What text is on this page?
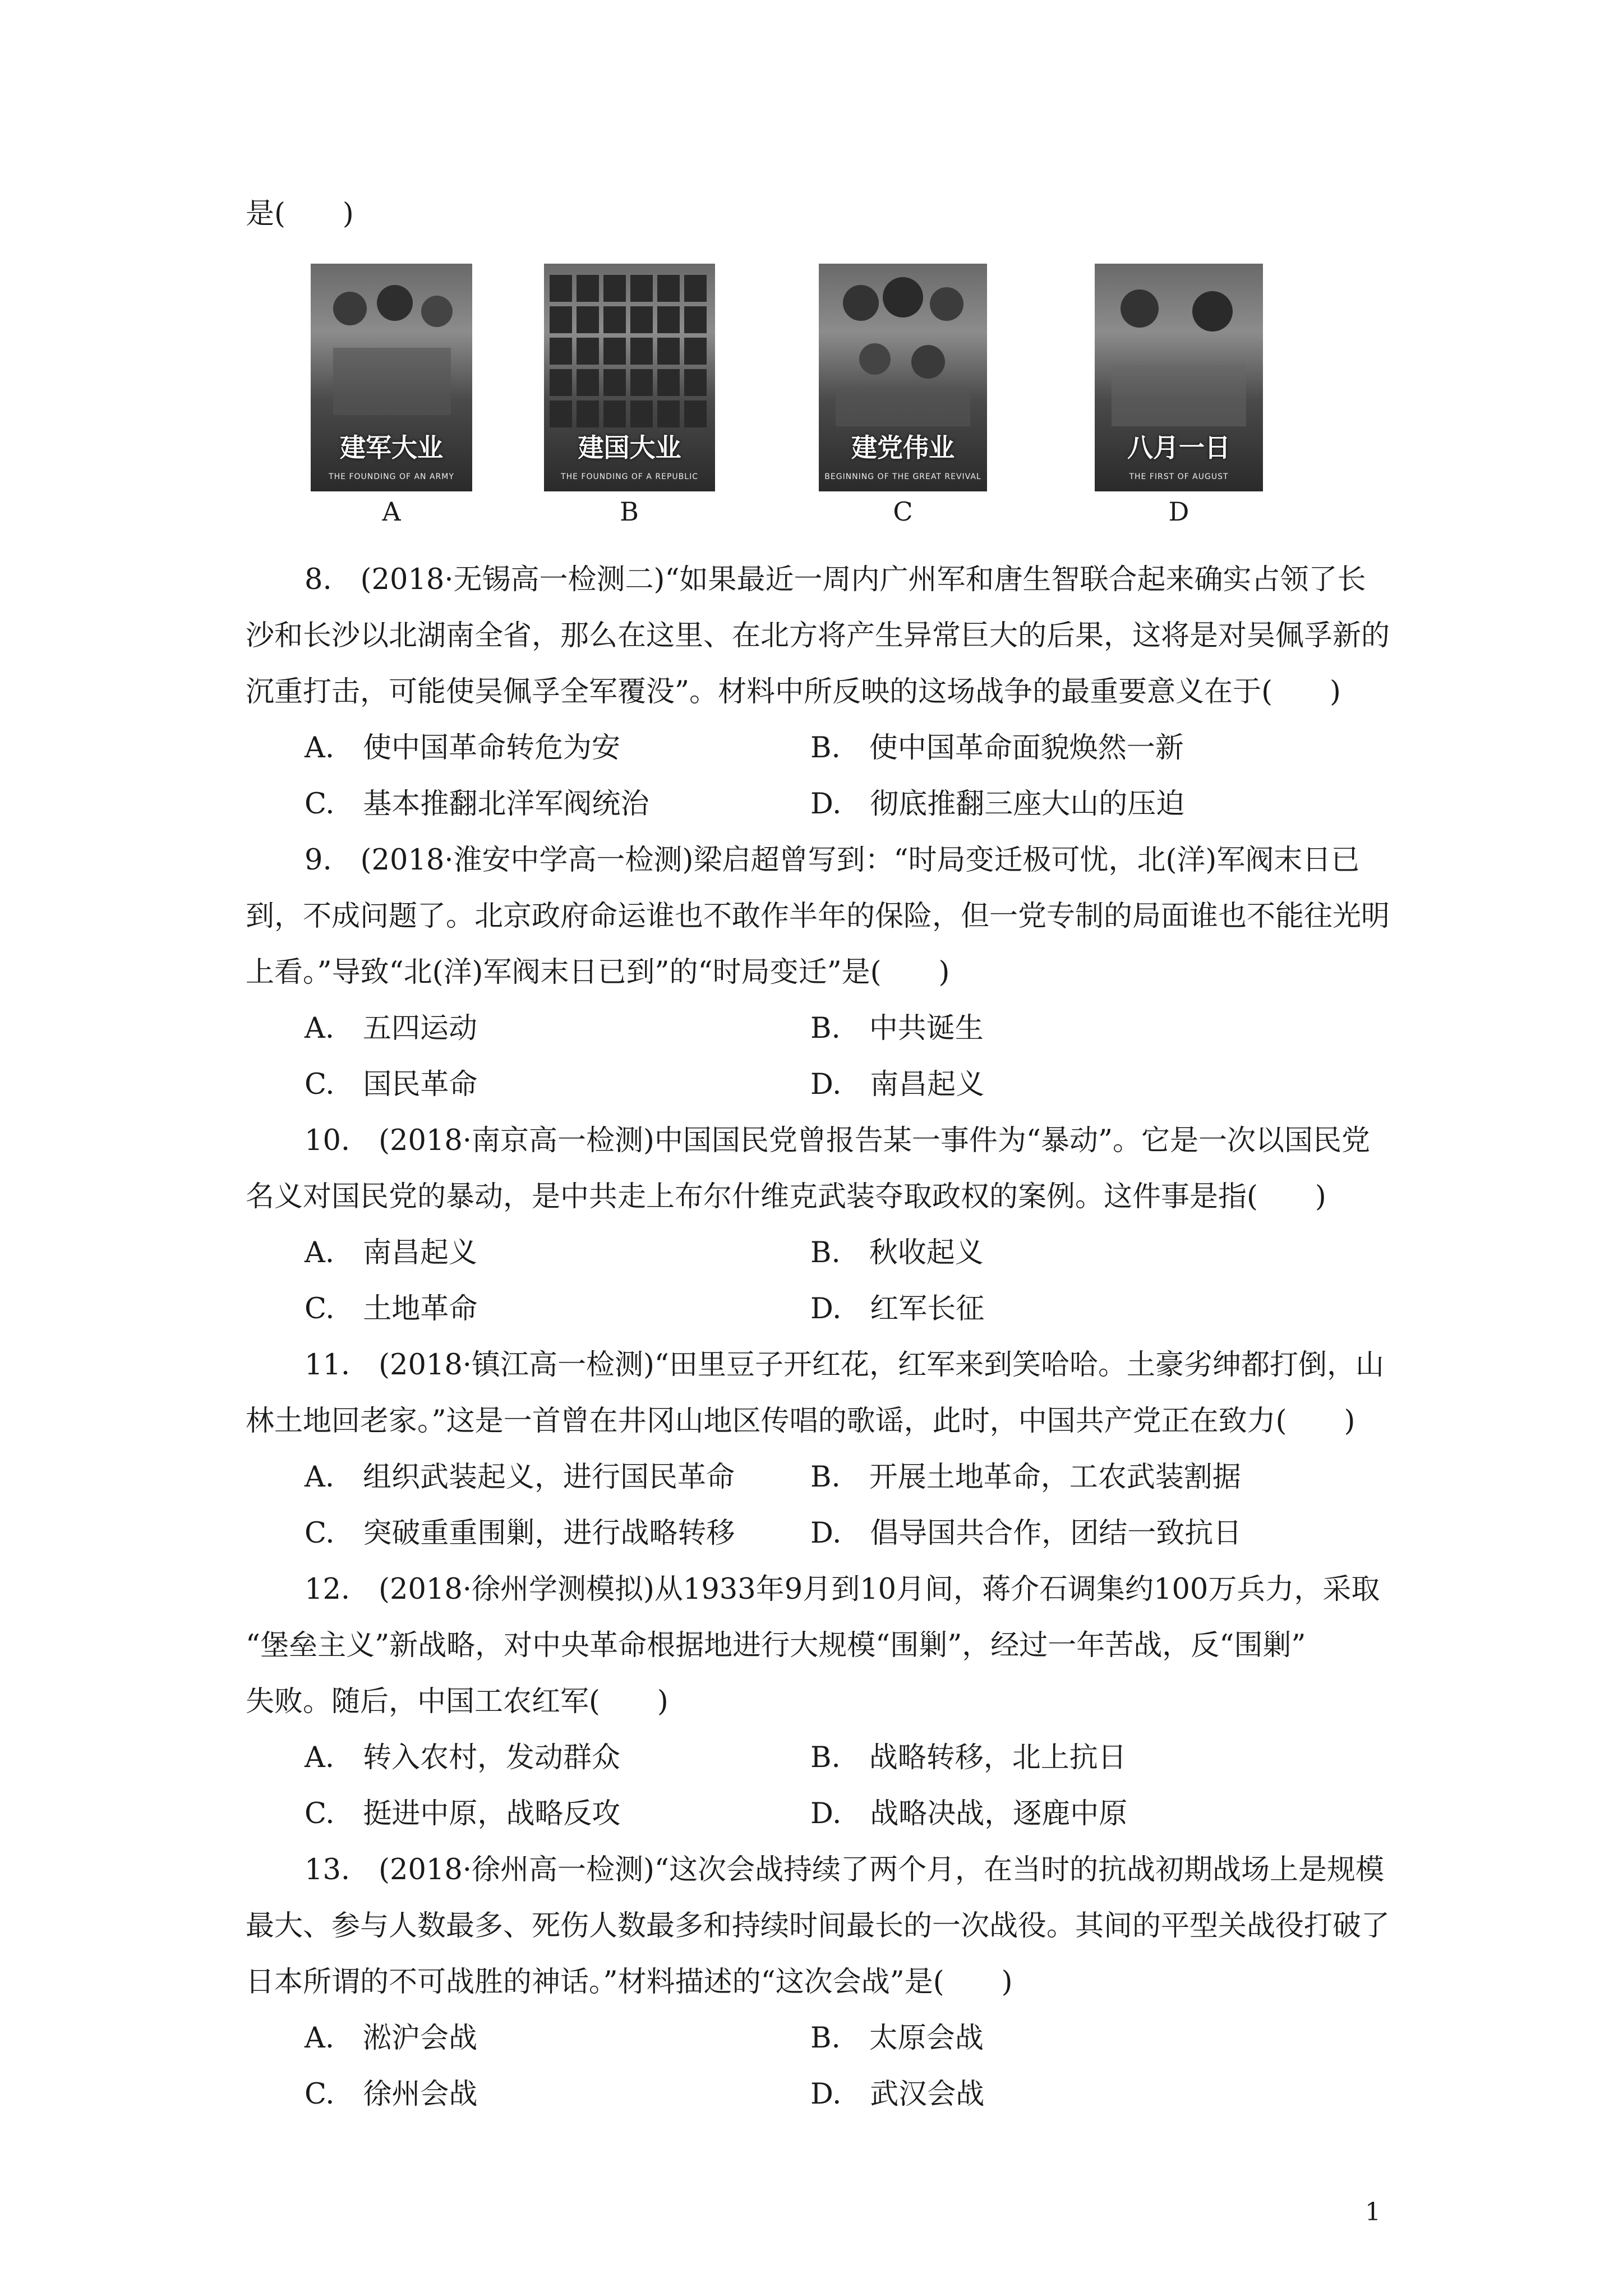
是(　　)
建军大业
THE FOUNDING OF AN ARMY
A
建国大业
THE FOUNDING OF A REPUBLIC
B
建党伟业
BEGINNING OF THE GREAT REVIVAL
C
八月一日
THE FIRST OF AUGUST
D
8.　(2018·无锡高一检测二)“如果最近一周内广州军和唐生智联合起来确实占领了长
沙和长沙以北湖南全省，那么在这里、在北方将产生异常巨大的后果，这将是对吴佩孚新的
沉重打击，可能使吴佩孚全军覆没”。材料中所反映的这场战争的最重要意义在于(　　)
A.　使中国革命转危为安	B.　使中国革命面貌焕然一新
C.　基本推翻北洋军阀统治	D.　彻底推翻三座大山的压迫
9.　(2018·淮安中学高一检测)梁启超曾写到：“时局变迁极可忧，北(洋)军阀末日已
到，不成问题了。北京政府命运谁也不敢作半年的保险，但一党专制的局面谁也不能往光明
上看。”导致“北(洋)军阀末日已到”的“时局变迁”是(　　)
A.　五四运动	B.　中共诞生
C.　国民革命	D.　南昌起义
10.　(2018·南京高一检测)中国国民党曾报告某一事件为“暴动”。它是一次以国民党
名义对国民党的暴动，是中共走上布尔什维克武装夺取政权的案例。这件事是指(　　)
A.　南昌起义	B.　秋收起义
C.　土地革命	D.　红军长征
11.　(2018·镇江高一检测)“田里豆子开红花，红军来到笑哈哈。土豪劣绅都打倒，山
林土地回老家。”这是一首曾在井冈山地区传唱的歌谣，此时，中国共产党正在致力(　　)
A.　组织武装起义，进行国民革命	B.　开展土地革命，工农武装割据
C.　突破重重围剿，进行战略转移	D.　倡导国共合作，团结一致抗日
12.　(2018·徐州学测模拟)从1933年9月到10月间，蒋介石调集约100万兵力，采取
“堡垒主义”新战略，对中央革命根据地进行大规模“围剿”，经过一年苦战，反“围剿”
失败。随后，中国工农红军(　　)
A.　转入农村，发动群众	B.　战略转移，北上抗日
C.　挺进中原，战略反攻	D.　战略决战，逐鹿中原
13.　(2018·徐州高一检测)“这次会战持续了两个月，在当时的抗战初期战场上是规模
最大、参与人数最多、死伤人数最多和持续时间最长的一次战役。其间的平型关战役打破了
日本所谓的不可战胜的神话。”材料描述的“这次会战”是(　　)
A.　淞沪会战	B.　太原会战
C.　徐州会战	D.　武汉会战
1
